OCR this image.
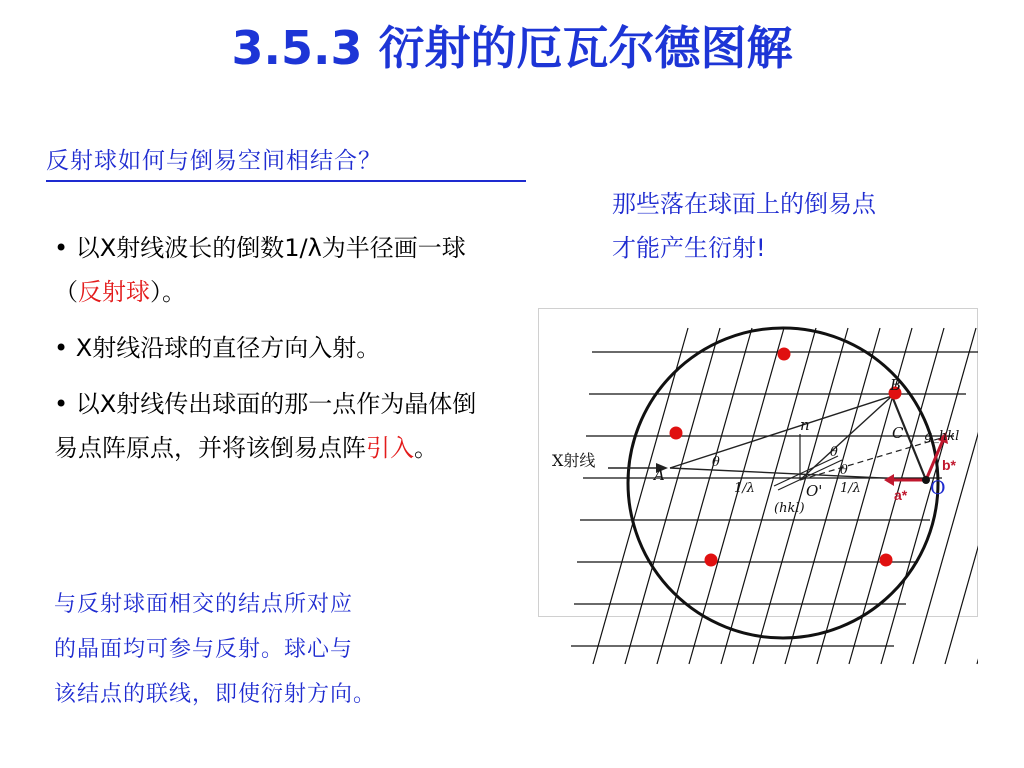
3.5.3 衍射的厄瓦尔德图解
反射球如何与倒易空间相结合？
那些落在球面上的倒易点
才能产生衍射!
• 以X射线波长的倒数1/λ为半径画一球（反射球）。
• X射线沿球的直径方向入射。
• 以X射线传出球面的那一点作为晶体倒易点阵原点，并将该倒易点阵引入。
与反射球面相交的结点所对应
的晶面均可参与反射。球心与
该结点的联线，即使衍射方向。
X射线
A
B
C
O'	O
n
θ
θ
θ
1/λ	1/λ
(hkl)
g_hkl
a*
b*
